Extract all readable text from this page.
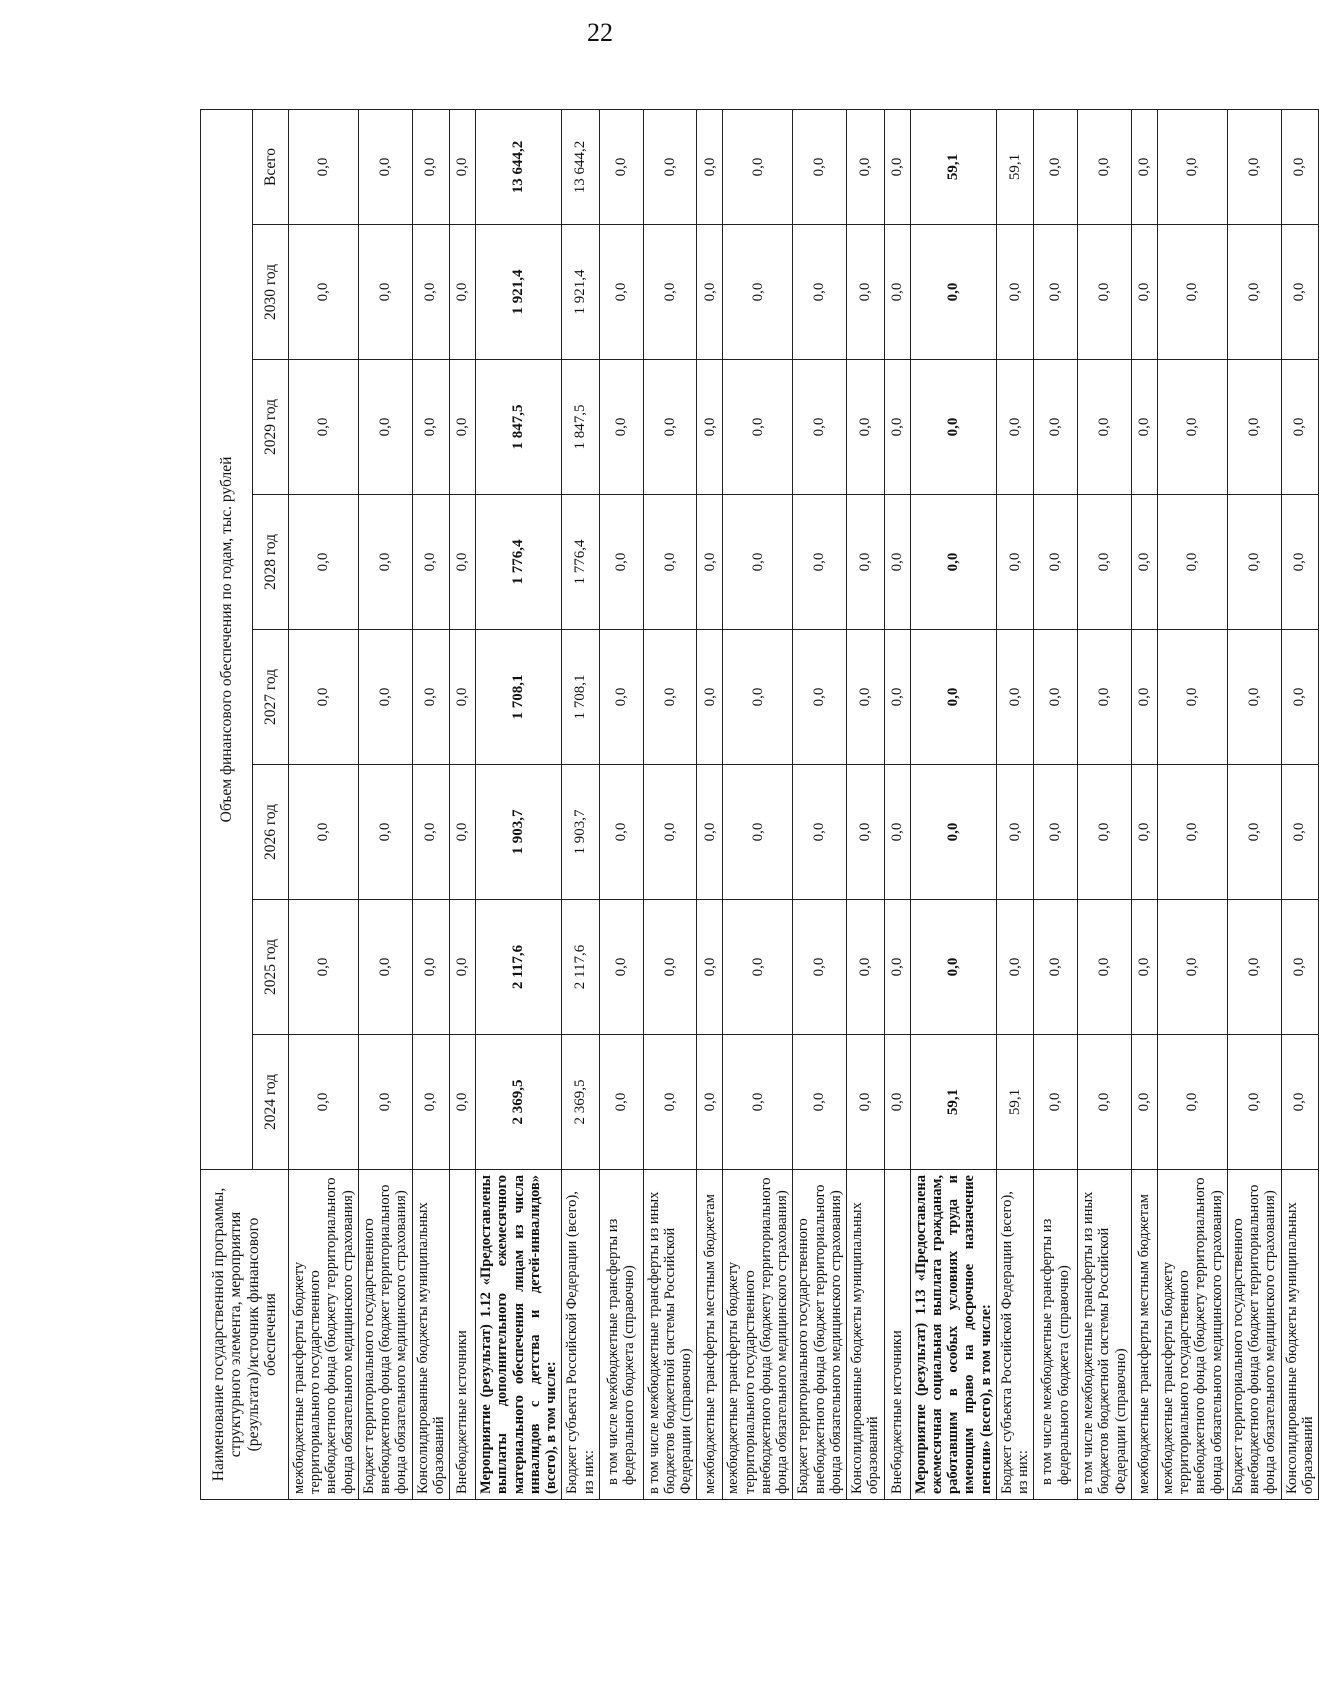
22
Наименование государственной программы, структурного элемента, мероприятия (результата)/источник финансового обеспечения	Объем финансового обеспечения по годам, тыс. рублей							
	2024 год	2025 год	2026 год	2027 год	2028 год	2029 год	2030 год	Всего
межбюджетные трансферты бюджету территориального государственного внебюджетного фонда (бюджету территориального фонда обязательного медицинского страхования)	0,0	0,0	0,0	0,0	0,0	0,0	0,0	0,0
Бюджет территориального государственного внебюджетного фонда (бюджет территориального фонда обязательного медицинского страхования)	0,0	0,0	0,0	0,0	0,0	0,0	0,0	0,0
Консолидированные бюджеты муниципальных образований	0,0	0,0	0,0	0,0	0,0	0,0	0,0	0,0
Внебюджетные источники	0,0	0,0	0,0	0,0	0,0	0,0	0,0	0,0
Мероприятие (результат) 1.12 «Предоставлены выплаты дополнительного ежемесячного материального обеспечения лицам из числа инвалидов с детства и детей-инвалидов» (всего), в том числе:	2 369,5	2 117,6	1 903,7	1 708,1	1 776,4	1 847,5	1 921,4	13 644,2
Бюджет субъекта Российской Федерации (всего), из них:	2 369,5	2 117,6	1 903,7	1 708,1	1 776,4	1 847,5	1 921,4	13 644,2
в том числе межбюджетные трансферты из федерального бюджета (справочно)	0,0	0,0	0,0	0,0	0,0	0,0	0,0	0,0
в том числе межбюджетные трансферты из иных бюджетов бюджетной системы Российской Федерации (справочно)	0,0	0,0	0,0	0,0	0,0	0,0	0,0	0,0
межбюджетные трансферты местным бюджетам	0,0	0,0	0,0	0,0	0,0	0,0	0,0	0,0
межбюджетные трансферты бюджету территориального государственного внебюджетного фонда (бюджету территориального фонда обязательного медицинского страхования)	0,0	0,0	0,0	0,0	0,0	0,0	0,0	0,0
Бюджет территориального государственного внебюджетного фонда (бюджет территориального фонда обязательного медицинского страхования)	0,0	0,0	0,0	0,0	0,0	0,0	0,0	0,0
Консолидированные бюджеты муниципальных образований	0,0	0,0	0,0	0,0	0,0	0,0	0,0	0,0
Внебюджетные источники	0,0	0,0	0,0	0,0	0,0	0,0	0,0	0,0
Мероприятие (результат) 1.13 «Предоставлена ежемесячная социальная выплата гражданам, работавшим в особых условиях труда и имеющим право на досрочное назначение пенсии» (всего), в том числе:	59,1	0,0	0,0	0,0	0,0	0,0	0,0	59,1
Бюджет субъекта Российской Федерации (всего), из них:	59,1	0,0	0,0	0,0	0,0	0,0	0,0	59,1
в том числе межбюджетные трансферты из федерального бюджета (справочно)	0,0	0,0	0,0	0,0	0,0	0,0	0,0	0,0
в том числе межбюджетные трансферты из иных бюджетов бюджетной системы Российской Федерации (справочно)	0,0	0,0	0,0	0,0	0,0	0,0	0,0	0,0
межбюджетные трансферты местным бюджетам	0,0	0,0	0,0	0,0	0,0	0,0	0,0	0,0
межбюджетные трансферты бюджету территориального государственного внебюджетного фонда (бюджету территориального фонда обязательного медицинского страхования)	0,0	0,0	0,0	0,0	0,0	0,0	0,0	0,0
Бюджет территориального государственного внебюджетного фонда (бюджет территориального фонда обязательного медицинского страхования)	0,0	0,0	0,0	0,0	0,0	0,0	0,0	0,0
Консолидированные бюджеты муниципальных образований	0,0	0,0	0,0	0,0	0,0	0,0	0,0	0,0
